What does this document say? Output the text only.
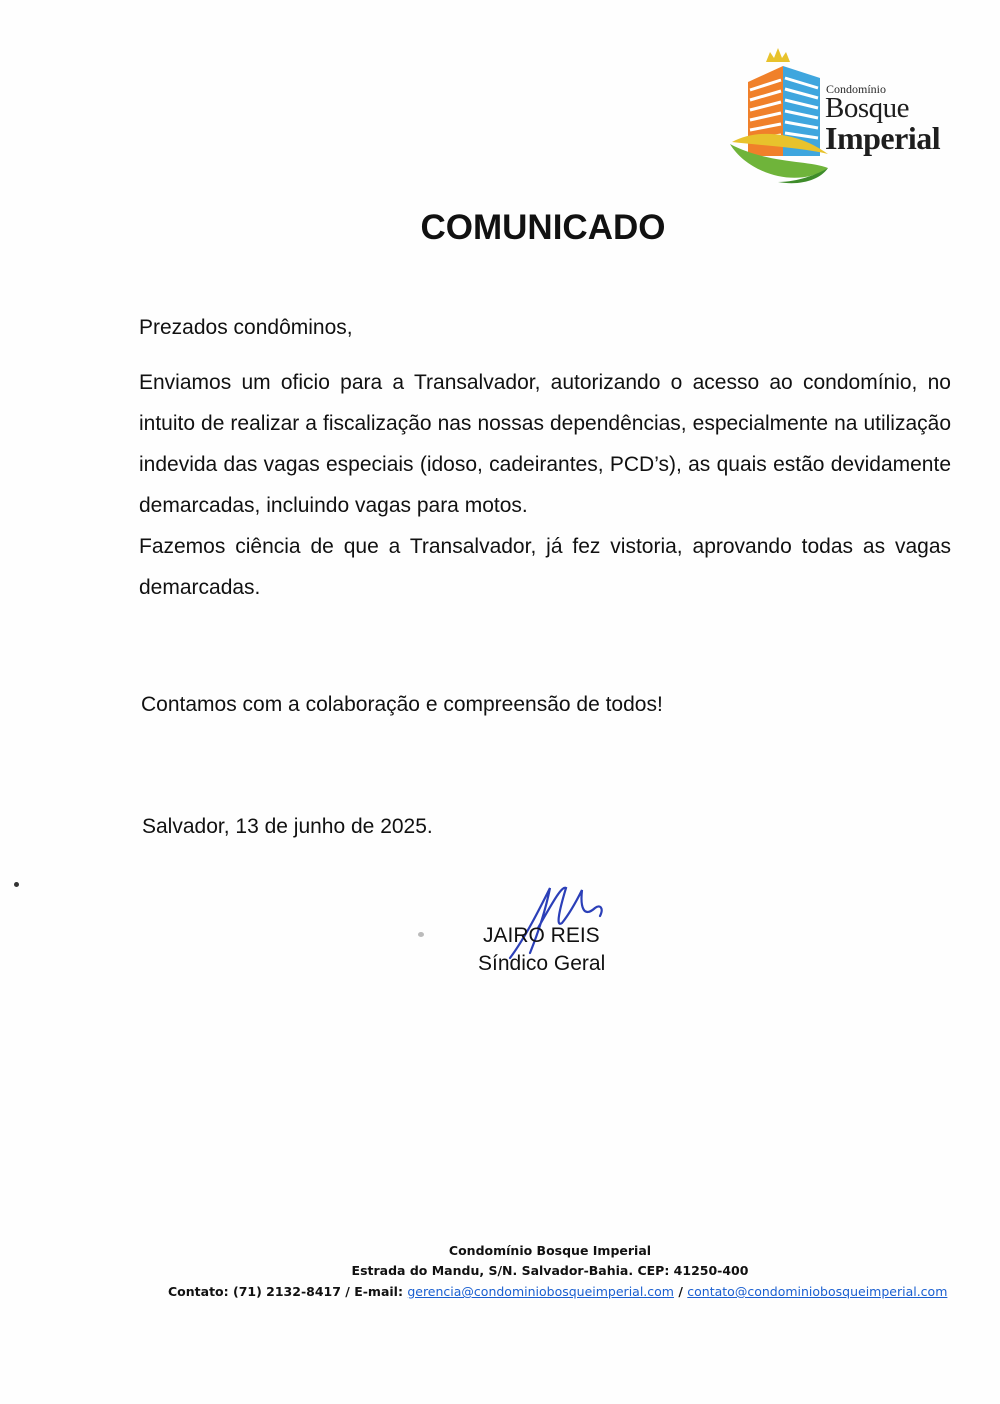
Condomínio
Bosque
Imperial
COMUNICADO
Prezados condôminos,

Enviamos um oficio para a Transalvador, autorizando o acesso ao condomínio, no intuito de realizar a fiscalização nas nossas dependências, especialmente na utilização indevida das vagas especiais (idoso, cadeirantes, PCD’s), as quais estão devidamente demarcadas, incluindo vagas para motos.

Fazemos ciência de que a Transalvador, já fez vistoria, aprovando todas as vagas demarcadas.

Contamos com a colaboração e compreensão de todos!
Salvador, 13 de junho de 2025.
JAIRO REIS
Síndico Geral
Condomínio Bosque Imperial
Estrada do Mandu, S/N. Salvador-Bahia. CEP: 41250-400
Contato: (71) 2132-8417 / E-mail: gerencia@condominiobosqueimperial.com / contato@condominiobosqueimperial.com
